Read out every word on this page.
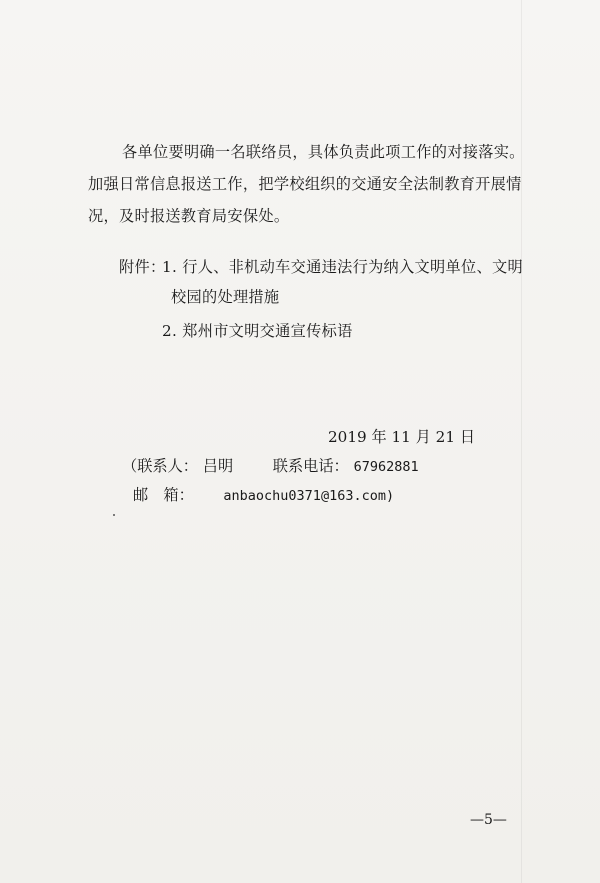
各单位要明确一名联络员，具体负责此项工作的对接落实。
加强日常信息报送工作，把学校组织的交通安全法制教育开展情
况，及时报送教育局安保处。
附件：
1. 行人、非机动车交通违法行为纳入文明单位、文明
校园的处理措施
2. 郑州市文明交通宣传标语
2019 年 11 月 21 日
（联系人： 吕明	联系电话： 67962881
邮　箱： anbaochu0371@163.com)
—5—
